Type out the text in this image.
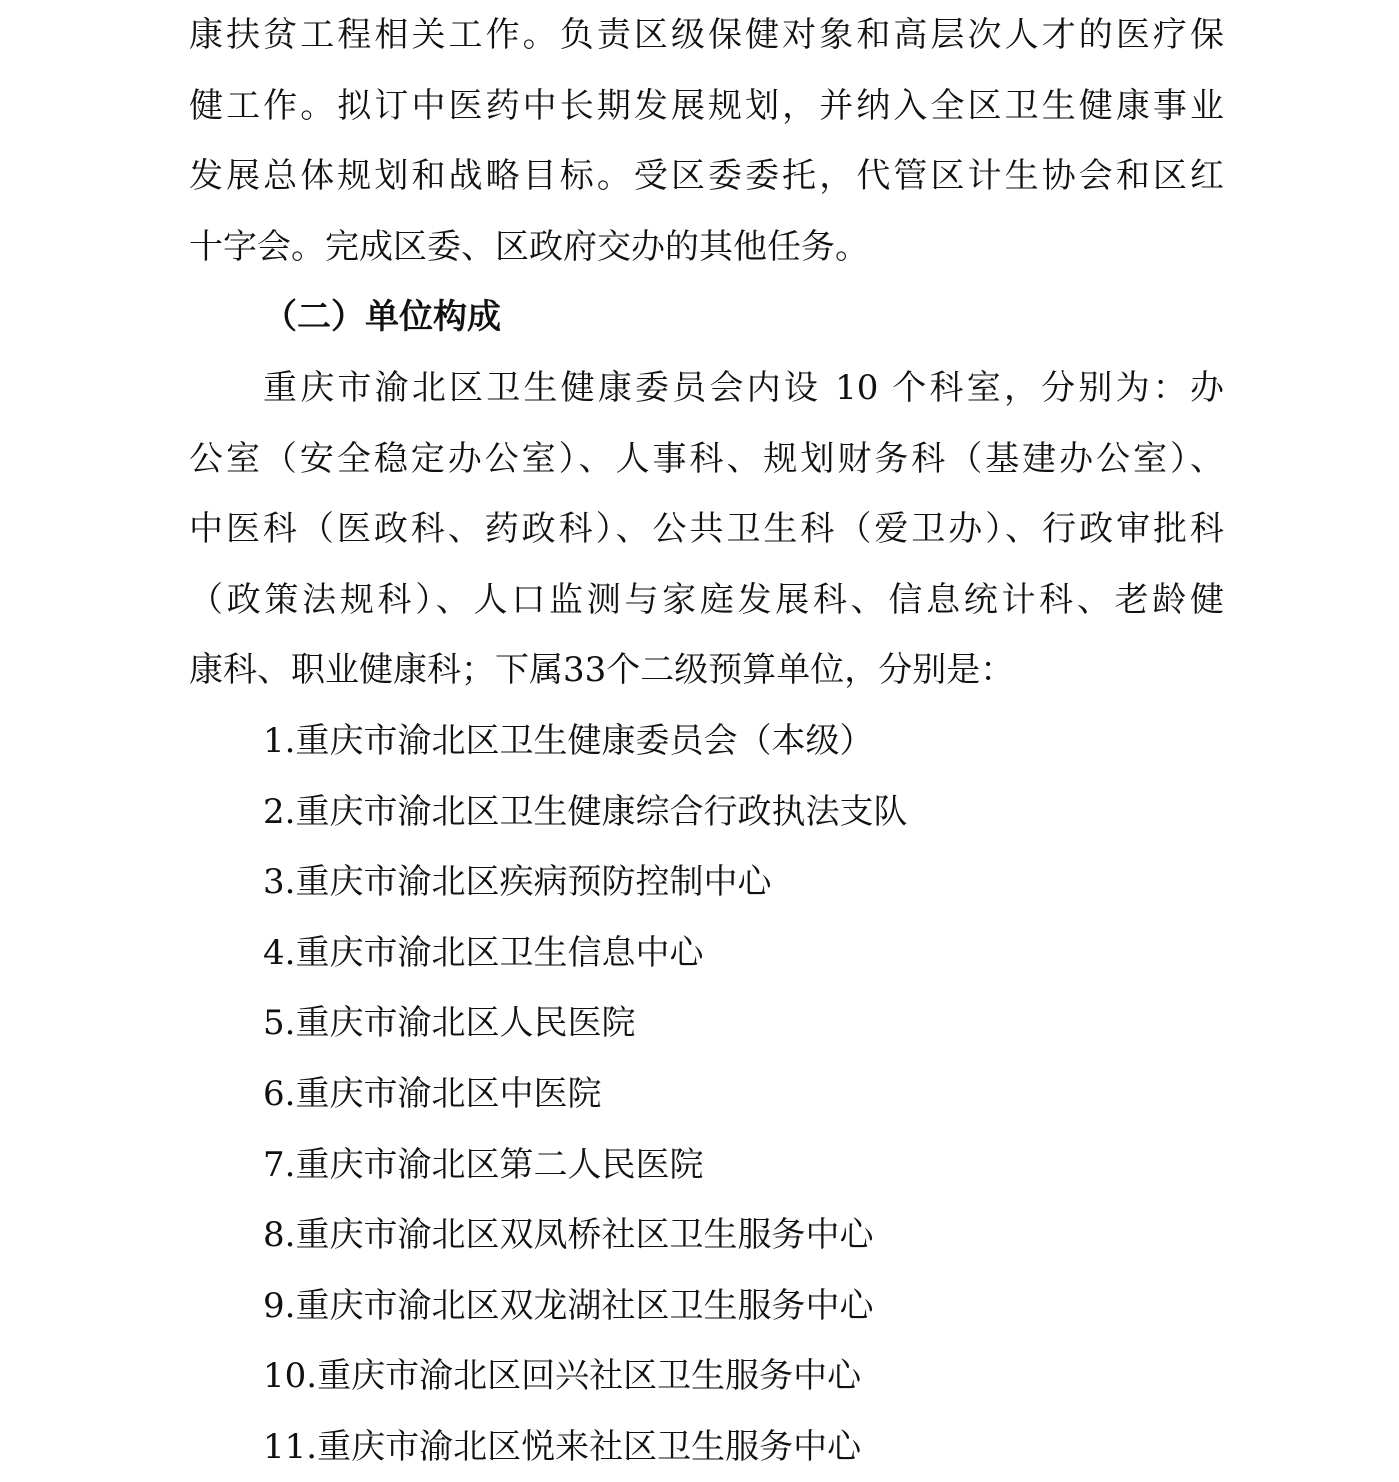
康扶贫工程相关工作。负责区级保健对象和高层次人才的医疗保
健工作。拟订中医药中长期发展规划，并纳入全区卫生健康事业
发展总体规划和战略目标。受区委委托，代管区计生协会和区红
十字会。完成区委、区政府交办的其他任务。
（二）单位构成
重庆市渝北区卫生健康委员会内设 10 个科室，分别为：办
公室（安全稳定办公室）、人事科、规划财务科（基建办公室）、
中医科（医政科、药政科）、公共卫生科（爱卫办）、行政审批科
（政策法规科）、人口监测与家庭发展科、信息统计科、老龄健
康科、职业健康科；下属33个二级预算单位，分别是：
1.重庆市渝北区卫生健康委员会（本级）
2.重庆市渝北区卫生健康综合行政执法支队
3.重庆市渝北区疾病预防控制中心
4.重庆市渝北区卫生信息中心
5.重庆市渝北区人民医院
6.重庆市渝北区中医院
7.重庆市渝北区第二人民医院
8.重庆市渝北区双凤桥社区卫生服务中心
9.重庆市渝北区双龙湖社区卫生服务中心
10.重庆市渝北区回兴社区卫生服务中心
11.重庆市渝北区悦来社区卫生服务中心
